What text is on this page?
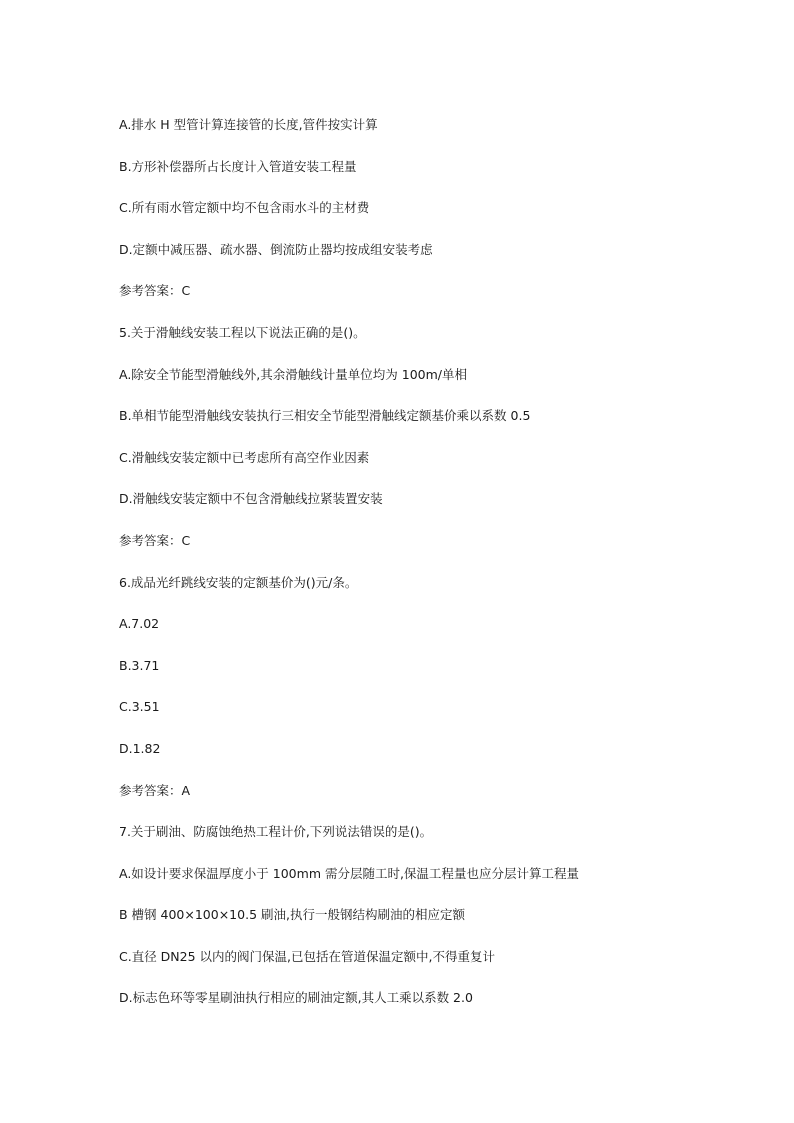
A.排水 H 型管计算连接管的长度,管件按实计算
B.方形补偿器所占长度计入管道安装工程量
C.所有雨水管定额中均不包含雨水斗的主材费
D.定额中减压器、疏水器、倒流防止器均按成组安装考虑
参考答案：C
5.关于滑触线安装工程以下说法正确的是()。
A.除安全节能型滑触线外,其余滑触线计量单位均为 100m/单相
B.单相节能型滑触线安装执行三相安全节能型滑触线定额基价乘以系数 0.5
C.滑触线安装定额中已考虑所有高空作业因素
D.滑触线安装定额中不包含滑触线拉紧装置安装
参考答案：C
6.成品光纤跳线安装的定额基价为()元/条。
A.7.02
B.3.71
C.3.51
D.1.82
参考答案：A
7.关于刷油、防腐蚀绝热工程计价,下列说法错误的是()。
A.如设计要求保温厚度小于 100mm 需分层随工时,保温工程量也应分层计算工程量
B 槽钢 400×100×10.5 刷油,执行一般钢结构刷油的相应定额
C.直径 DN25 以内的阀门保温,已包括在管道保温定额中,不得重复计
D.标志色环等零星刷油执行相应的刷油定额,其人工乘以系数 2.0
